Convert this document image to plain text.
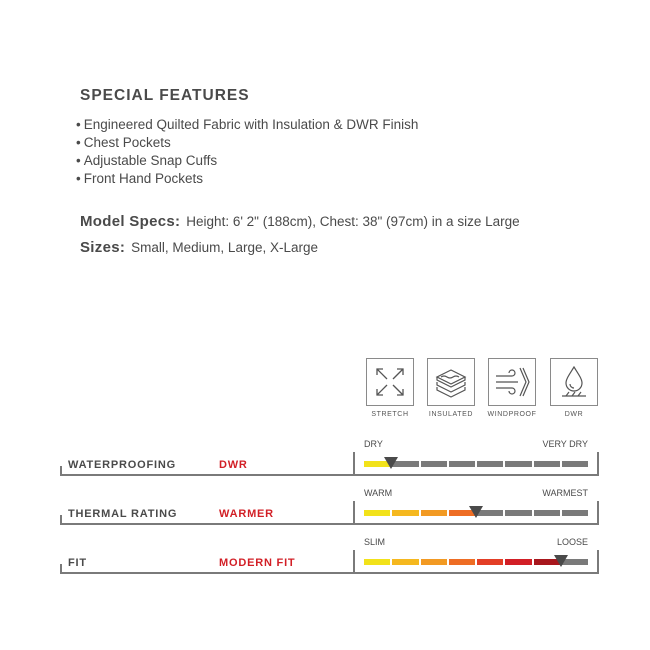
SPECIAL FEATURES
• Engineered Quilted Fabric with Insulation & DWR Finish
• Chest Pockets
• Adjustable Snap Cuffs
• Front Hand Pockets
Model Specs: Height: 6' 2" (188cm), Chest: 38" (97cm) in a size Large
Sizes: Small, Medium, Large, X-Large
STRETCH	INSULATED	WINDPROOF	DWR
WATERPROOFING	DWR
DRY	VERY DRY
THERMAL RATING	WARMER
WARM	WARMEST
FIT	MODERN FIT
SLIM	LOOSE
